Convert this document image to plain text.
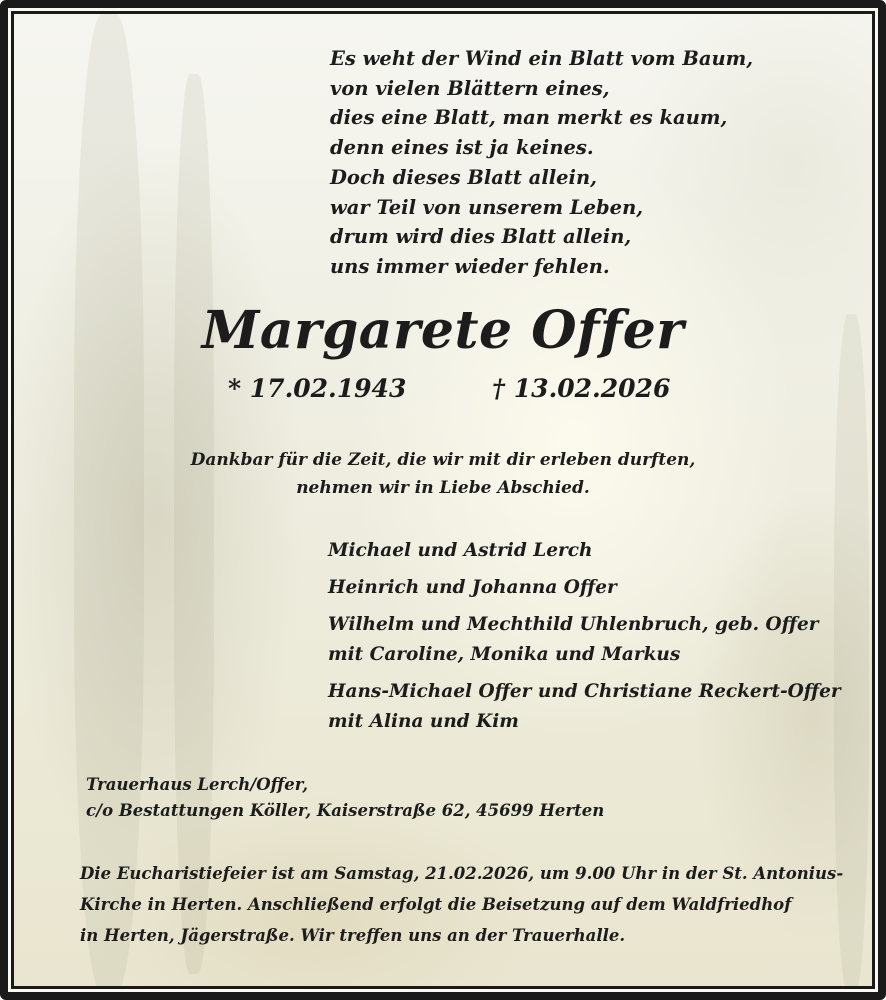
Es weht der Wind ein Blatt vom Baum,
von vielen Blättern eines,
dies eine Blatt, man merkt es kaum,
denn eines ist ja keines.
Doch dieses Blatt allein,
war Teil von unserem Leben,
drum wird dies Blatt allein,
uns immer wieder fehlen.
Margarete Offer
* 17.02.1943	† 13.02.2026
Dankbar für die Zeit, die wir mit dir erleben durften,
nehmen wir in Liebe Abschied.
Michael und Astrid Lerch
Heinrich und Johanna Offer
Wilhelm und Mechthild Uhlenbruch, geb. Offer
mit Caroline, Monika und Markus
Hans-Michael Offer und Christiane Reckert-Offer
mit Alina und Kim
Trauerhaus Lerch/Offer,
c/o Bestattungen Köller, Kaiserstraße 62, 45699 Herten
Die Eucharistiefeier ist am Samstag, 21.02.2026, um 9.00 Uhr in der St. Antonius-
Kirche in Herten. Anschließend erfolgt die Beisetzung auf dem Waldfriedhof
in Herten, Jägerstraße. Wir treffen uns an der Trauerhalle.
